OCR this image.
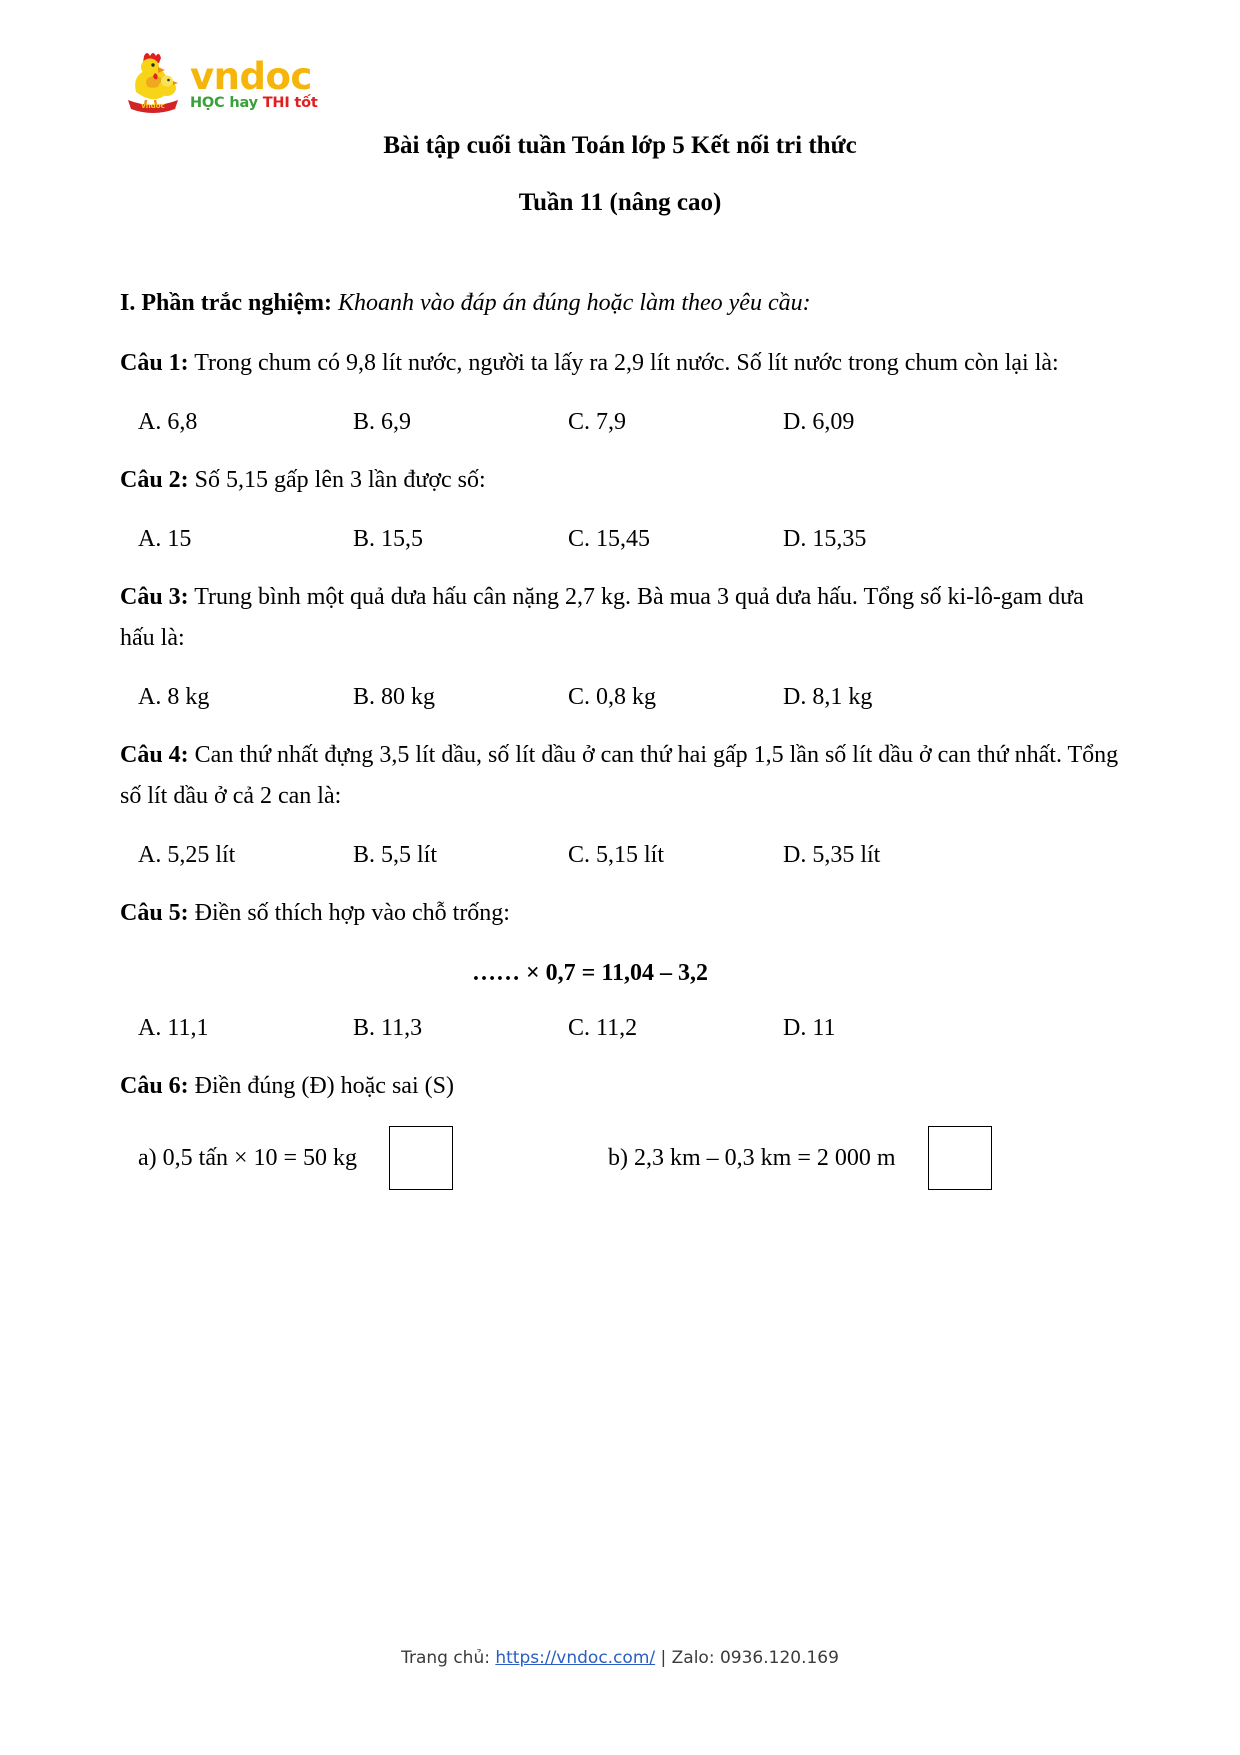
vndoc
vndoc
HỌC hay THI tốt
Bài tập cuối tuần Toán lớp 5 Kết nối tri thức
Tuần 11 (nâng cao)

I. Phần trắc nghiệm: Khoanh vào đáp án đúng hoặc làm theo yêu cầu:

Câu 1: Trong chum có 9,8 lít nước, người ta lấy ra 2,9 lít nước. Số lít nước trong chum còn lại là:

A. 6,8	B. 6,9	C. 7,9	D. 6,09

Câu 2: Số 5,15 gấp lên 3 lần được số:

A. 15	B. 15,5	C. 15,45	D. 15,35

Câu 3: Trung bình một quả dưa hấu cân nặng 2,7 kg. Bà mua 3 quả dưa hấu. Tổng số ki-lô-gam dưa hấu là:

A. 8 kg	B. 80 kg	C. 0,8 kg	D. 8,1 kg

Câu 4: Can thứ nhất đựng 3,5 lít dầu, số lít dầu ở can thứ hai gấp 1,5 lần số lít dầu ở can thứ nhất. Tổng số lít dầu ở cả 2 can là:

A. 5,25 lít	B. 5,5 lít	C. 5,15 lít	D. 5,35 lít

Câu 5: Điền số thích hợp vào chỗ trống:

…… × 0,7 = 11,04 – 3,2

A. 11,1	B. 11,3	C. 11,2	D. 11

Câu 6: Điền đúng (Đ) hoặc sai (S)

a) 0,5 tấn × 10 = 50 kg	b) 2,3 km – 0,3 km = 2 000 m
Trang chủ: https://vndoc.com/ | Zalo: 0936.120.169
